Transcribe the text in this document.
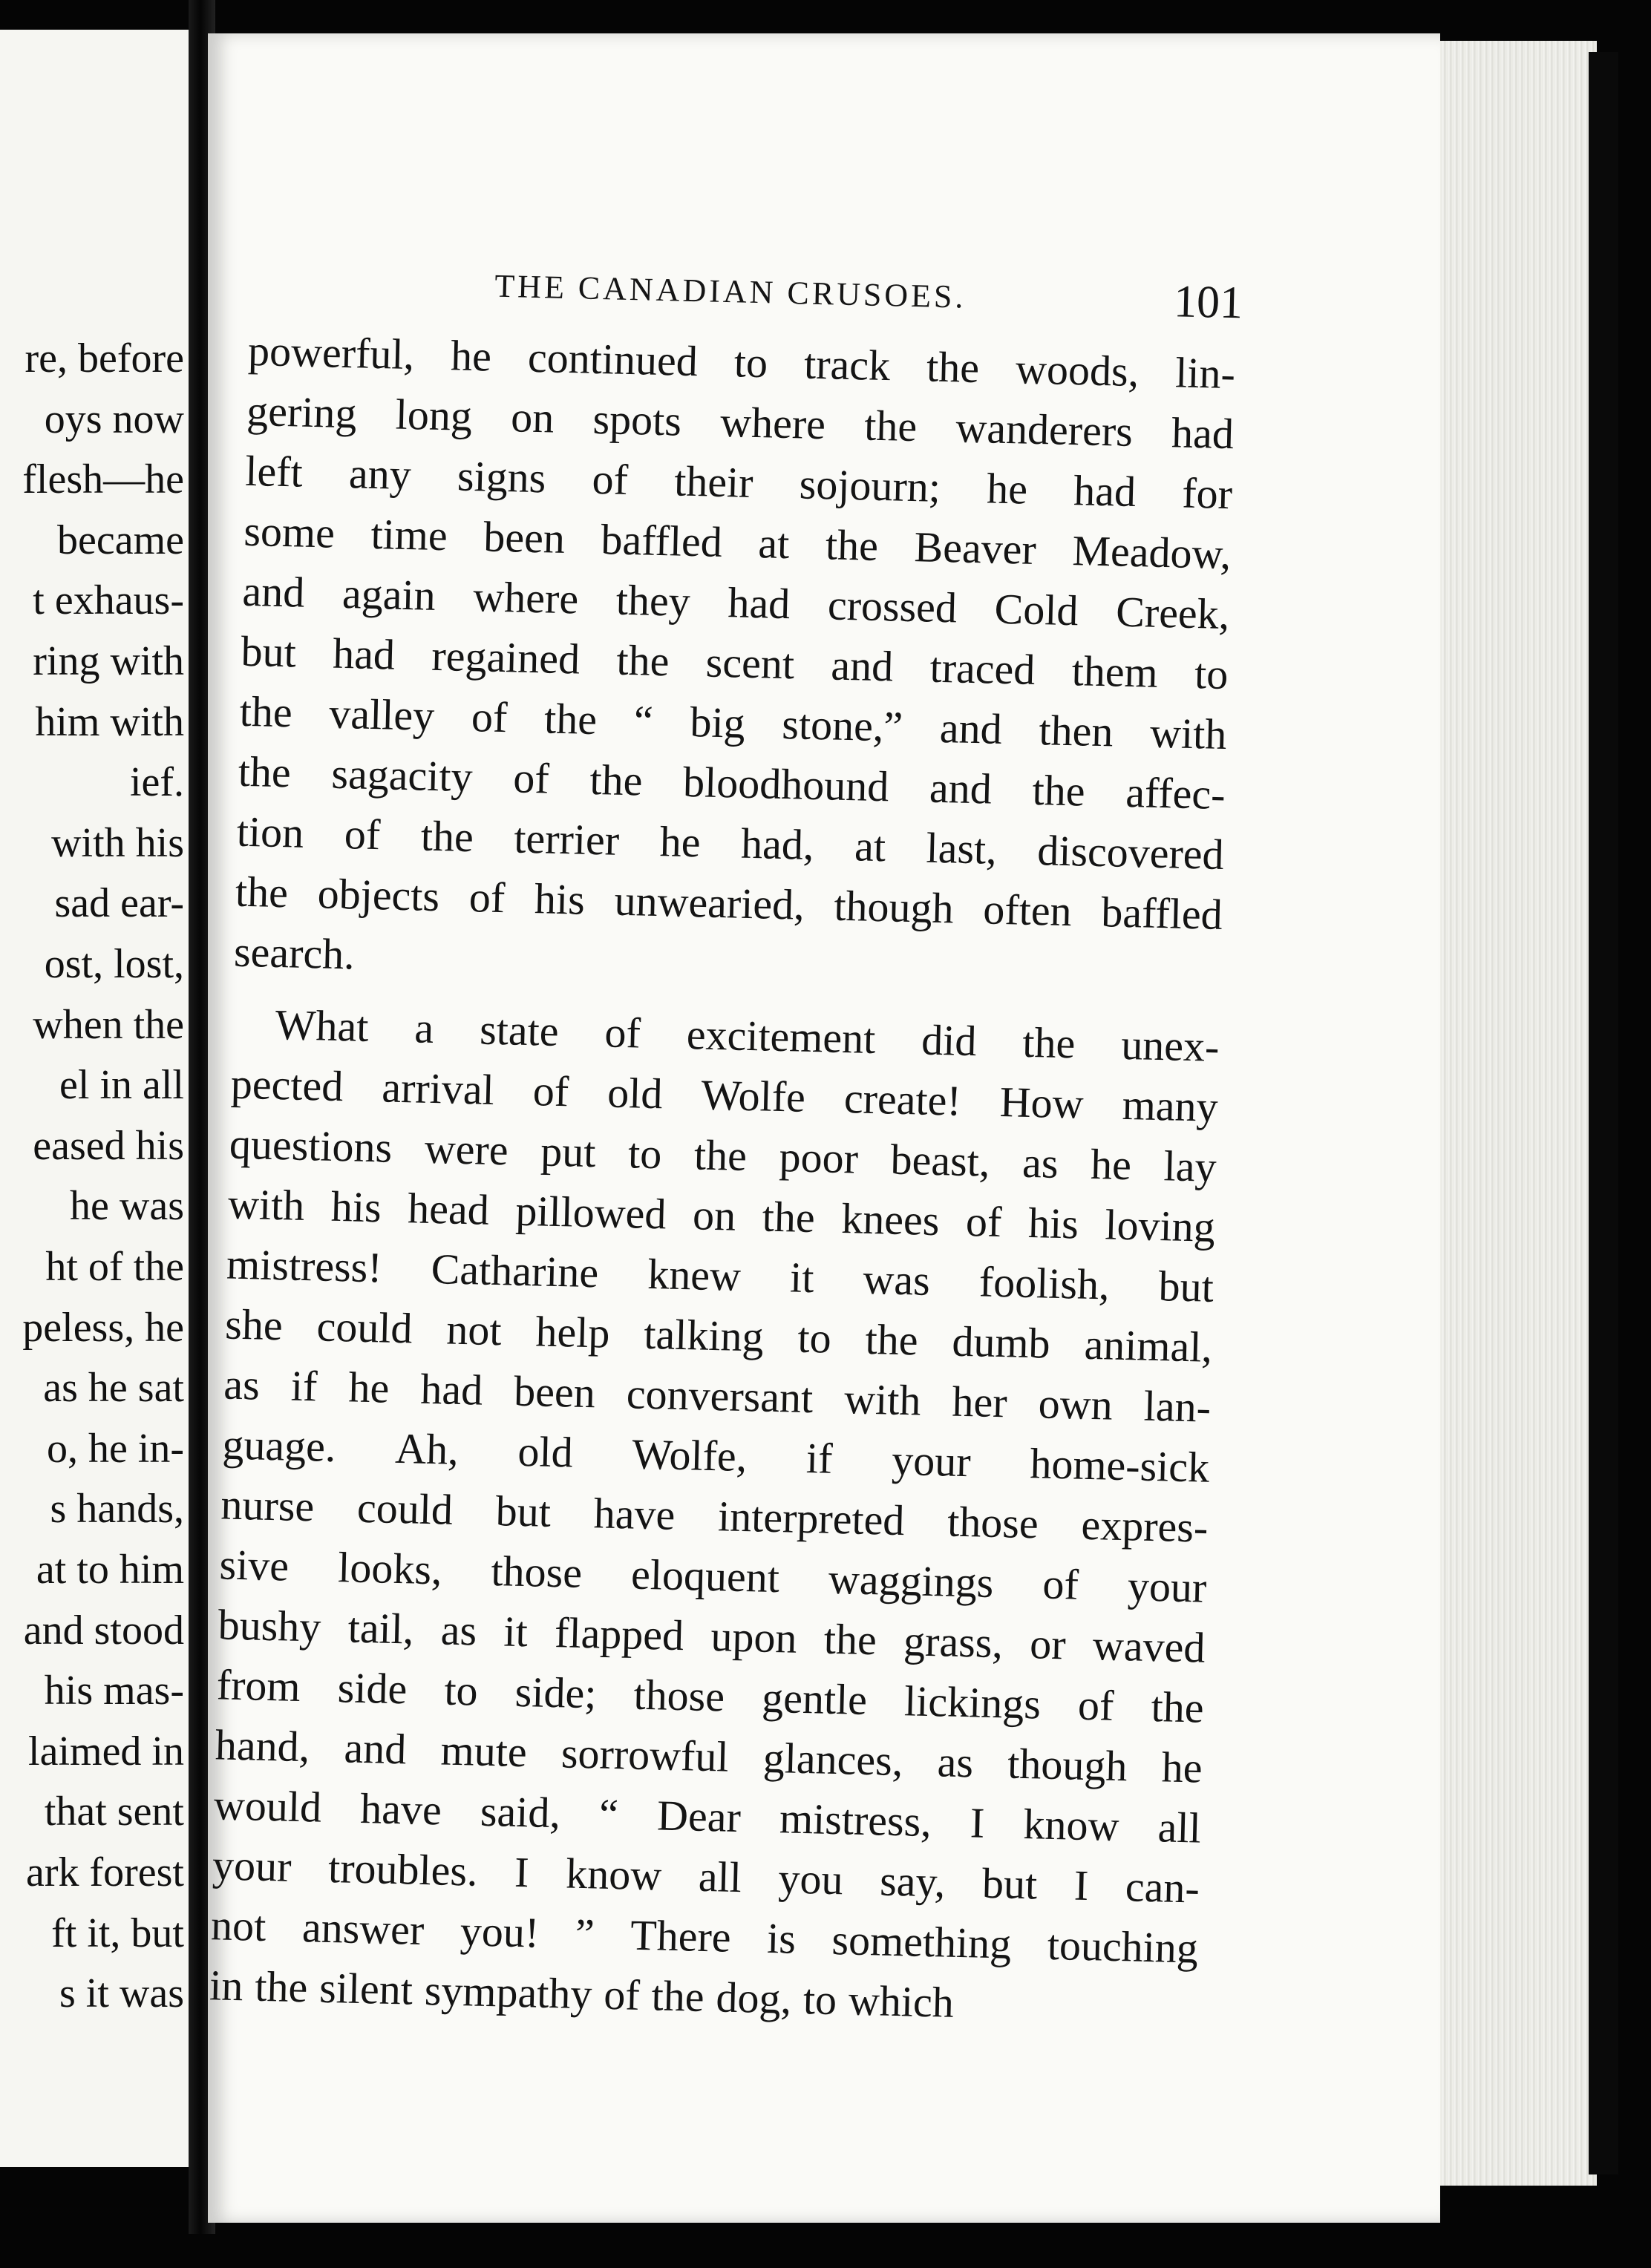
re, before
oys now
flesh—he
became
t exhaus-
ring with
him with
ief.
with his
sad ear-
ost, lost,
when the
el in all
eased his
he was
ht of the
peless, he
as he sat
o, he in-
s hands,
at to him
and stood
his mas-
laimed in
that sent
ark forest
ft it, but
s it was
THE CANADIAN CRUSOES.	101
powerful, he continued to track the woods, lin-
gering long on spots where the wanderers had
left any signs of their sojourn; he had for
some time been baffled at the Beaver Meadow,
and again where they had crossed Cold Creek,
but had regained the scent and traced them to
the valley of the “ big stone,” and then with
the sagacity of the bloodhound and the affec-
tion of the terrier he had, at last, discovered
the objects of his unwearied, though often baffled
search.
What a state of excitement did the unex-
pected arrival of old Wolfe create! How many
questions were put to the poor beast, as he lay
with his head pillowed on the knees of his loving
mistress! Catharine knew it was foolish, but
she could not help talking to the dumb animal,
as if he had been conversant with her own lan-
guage. Ah, old Wolfe, if your home-sick
nurse could but have interpreted those expres-
sive looks, those eloquent waggings of your
bushy tail, as it flapped upon the grass, or waved
from side to side; those gentle lickings of the
hand, and mute sorrowful glances, as though he
would have said, “ Dear mistress, I know all
your troubles. I know all you say, but I can-
not answer you! ” There is something touching
in the silent sympathy of the dog, to which
